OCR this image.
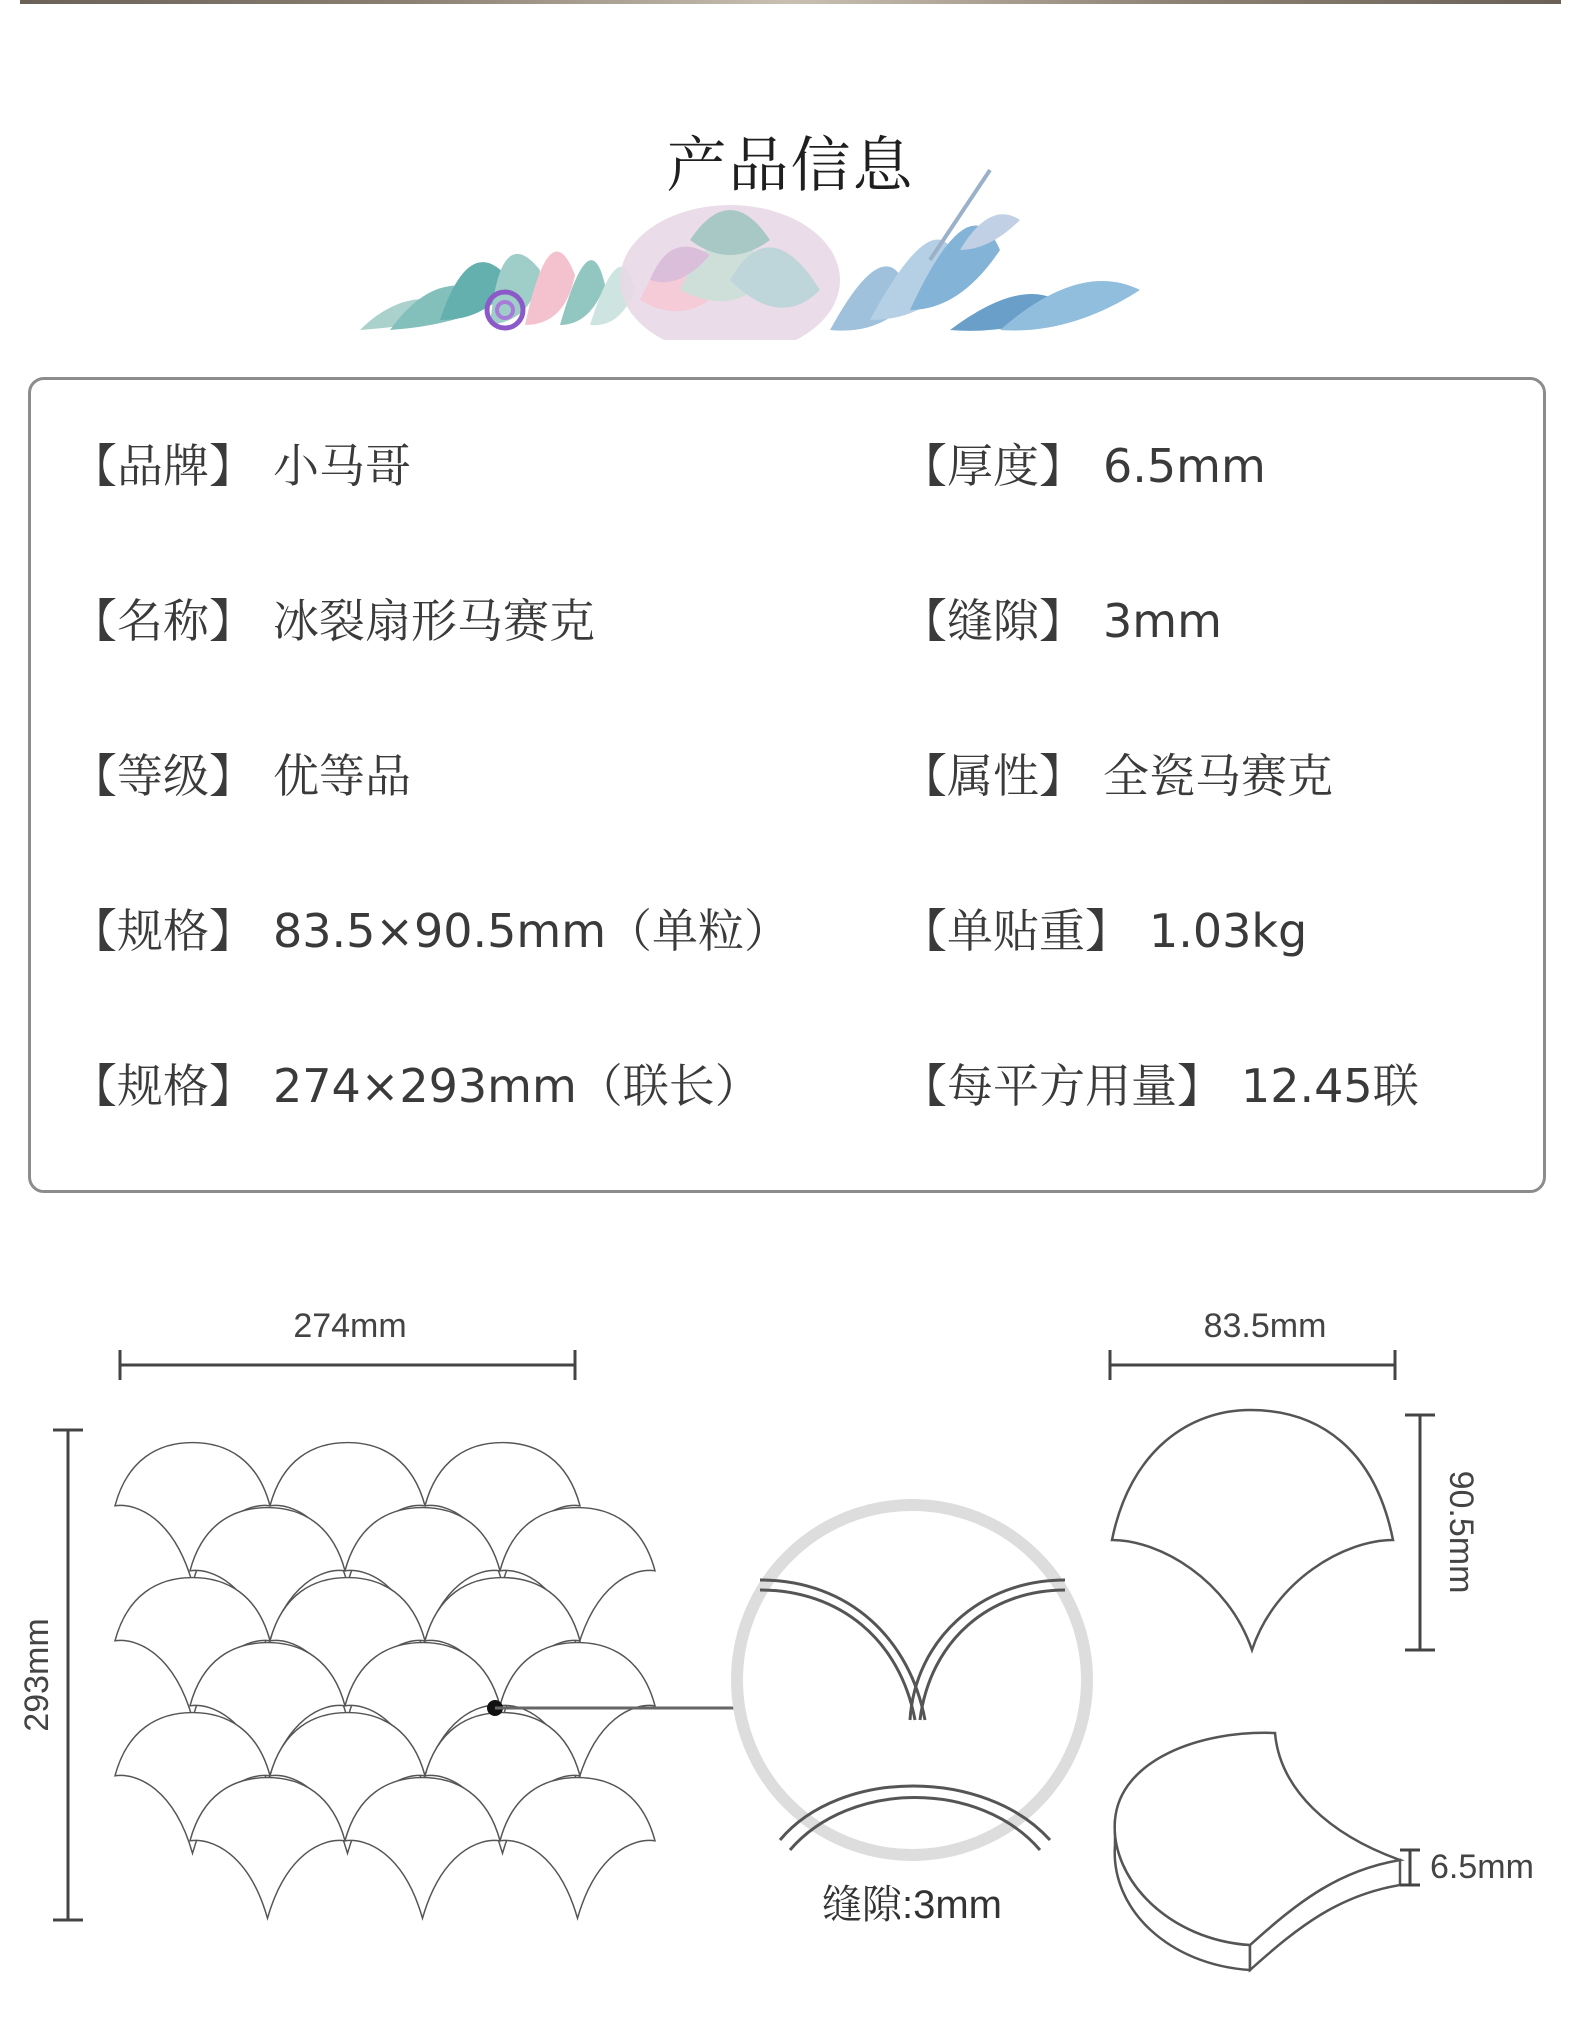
产品信息
【品牌】 小马哥	【厚度】 6.5mm
【名称】 冰裂扇形马赛克	【缝隙】 3mm
【等级】 优等品	【属性】 全瓷马赛克
【规格】 83.5×90.5mm（单粒） 【单贴重】 1.03kg
【规格】 274×293mm（联长）	【每平方用量】 12.45联
274mm
293mm
缝隙:3mm
83.5mm
90.5mm
6.5mm
